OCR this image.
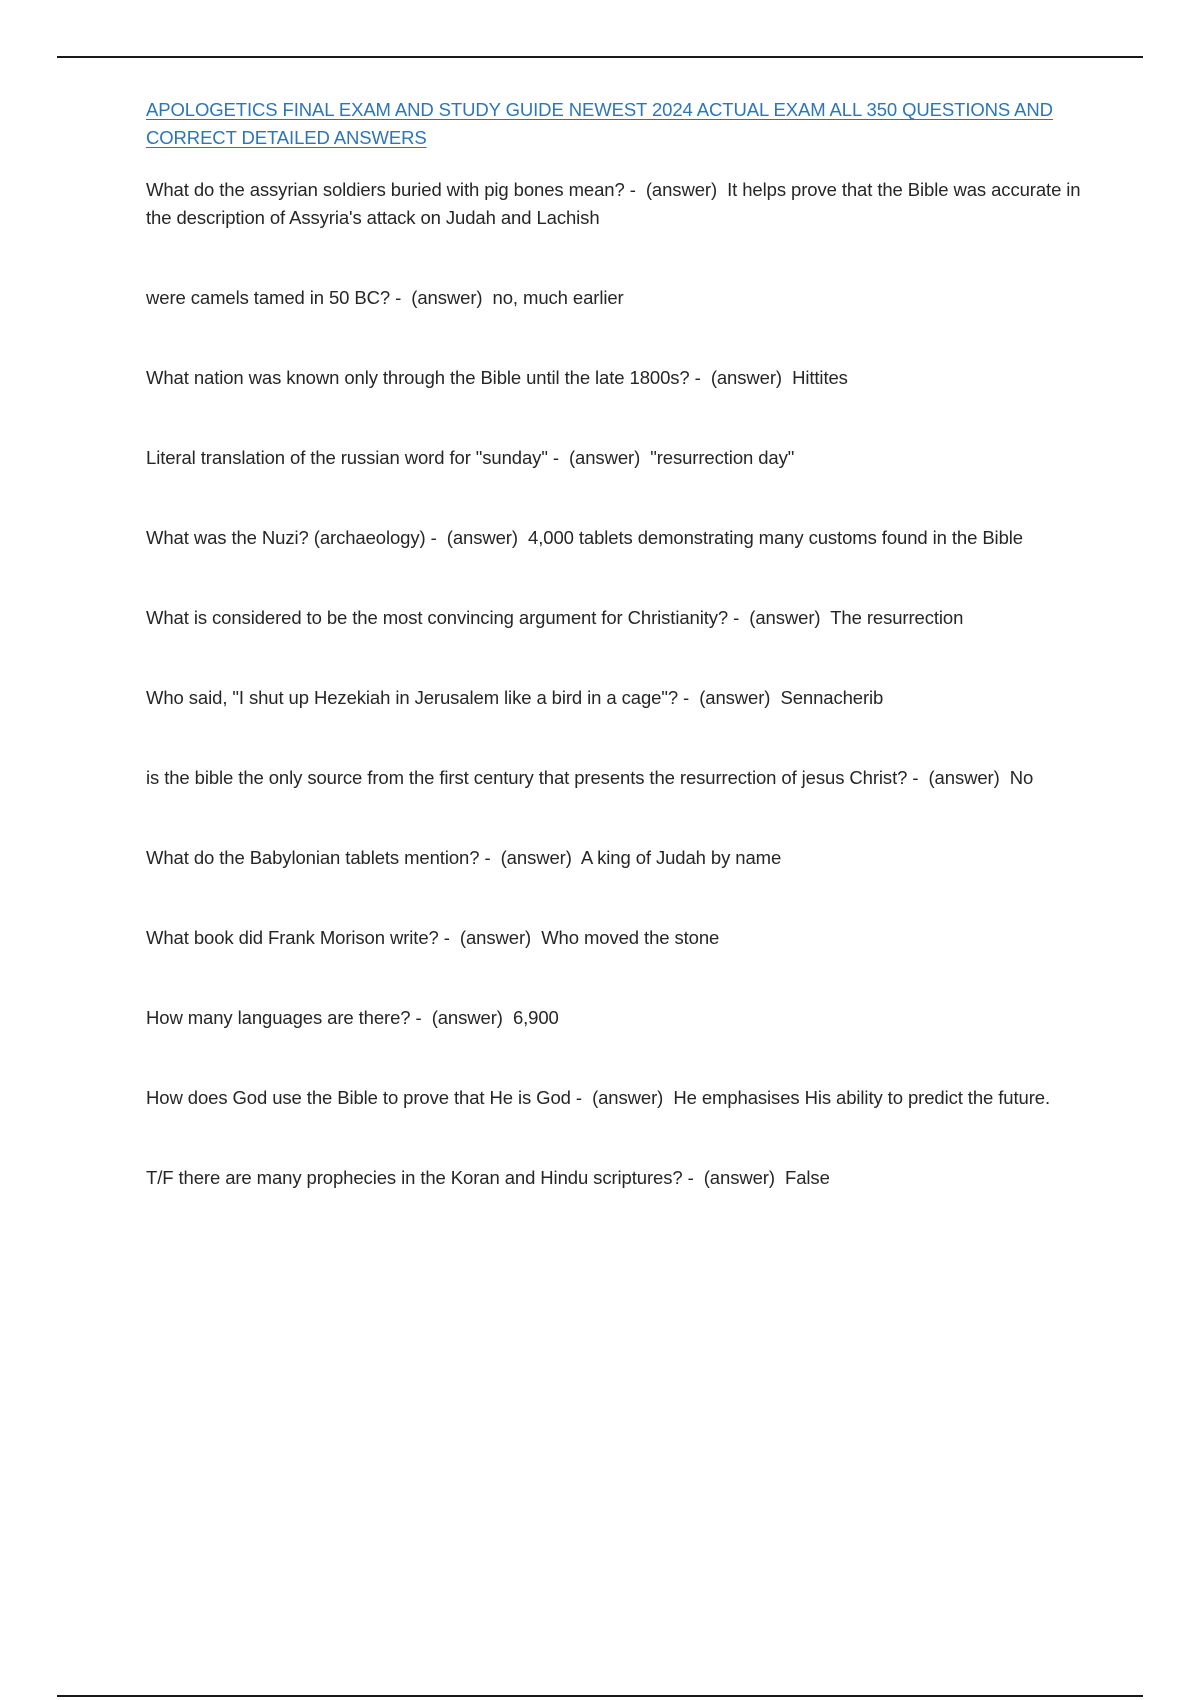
APOLOGETICS FINAL EXAM AND STUDY GUIDE NEWEST 2024 ACTUAL EXAM ALL 350 QUESTIONS AND CORRECT DETAILED ANSWERS
What do the assyrian soldiers buried with pig bones mean? - (answer) It helps prove that the Bible was accurate in the description of Assyria's attack on Judah and Lachish
were camels tamed in 50 BC? - (answer) no, much earlier
What nation was known only through the Bible until the late 1800s? - (answer) Hittites
Literal translation of the russian word for "sunday" - (answer) "resurrection day"
What was the Nuzi? (archaeology) - (answer) 4,000 tablets demonstrating many customs found in the Bible
What is considered to be the most convincing argument for Christianity? - (answer) The resurrection
Who said, "I shut up Hezekiah in Jerusalem like a bird in a cage"? - (answer) Sennacherib
is the bible the only source from the first century that presents the resurrection of jesus Christ? - (answer) No
What do the Babylonian tablets mention? - (answer) A king of Judah by name
What book did Frank Morison write? - (answer) Who moved the stone
How many languages are there? - (answer) 6,900
How does God use the Bible to prove that He is God - (answer) He emphasises His ability to predict the future.
T/F there are many prophecies in the Koran and Hindu scriptures? - (answer) False
